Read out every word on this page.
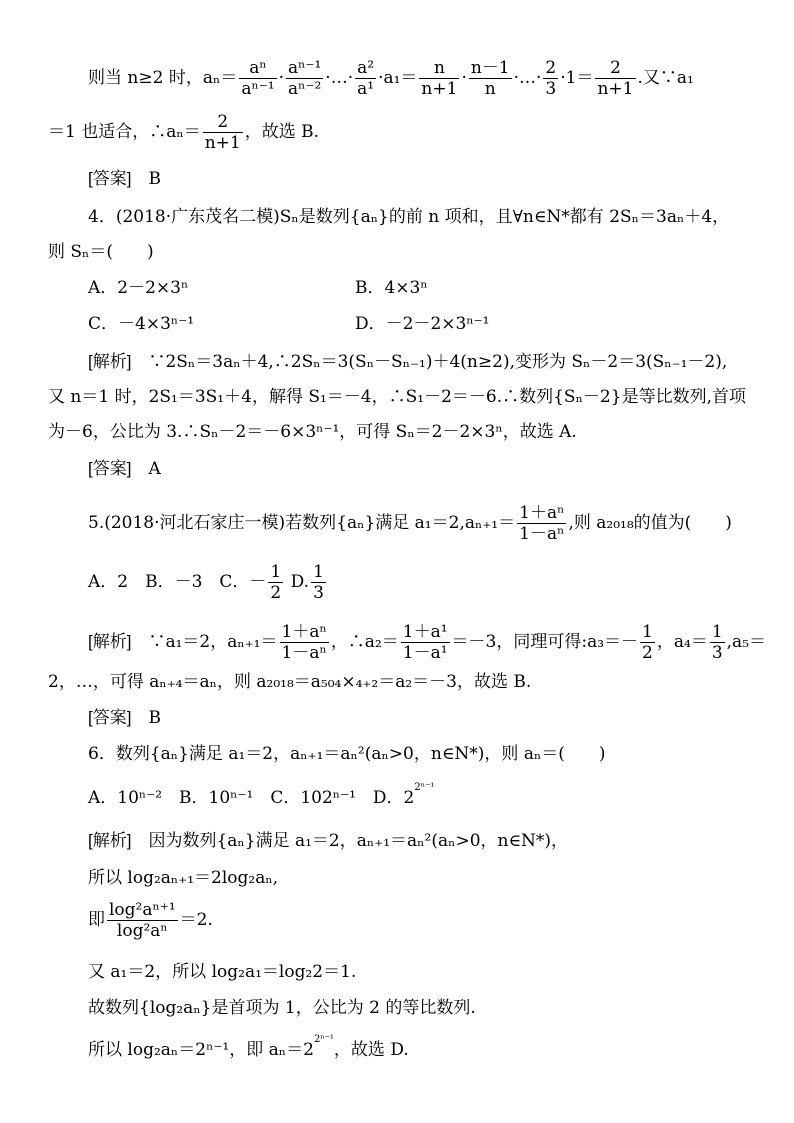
则当 n≥2 时，$a_n= \frac{\text{aⁿ}}{\text{aⁿ⁻¹}} \cdot \frac{\text{aⁿ⁻¹}}{\text{aⁿ⁻²}}$ ·…· $\frac{\text{a²}}{\text{a¹}} \cdot a_1= \frac{n}{n+1} \cdot \frac{n-1}{n}$ ·…· $\frac{2}{3} \cdot 1= \frac{2}{n+1}$ .又∵a₁
＝1 也适合，∴aₙ＝ $\frac{2}{n+1}$ ，故选 B.
[答案]　 B
4．(2018·广东茂名二模)Sₙ是数列{aₙ}的前 n 项和，且∀n∈N*都有 2Sₙ＝3aₙ＋4，
则 Sₙ＝(　　)
A．2－2×3ⁿ	B．4×3ⁿ
C．－4×3ⁿ⁻¹	D．－2－2×3ⁿ⁻¹
[解析]　 ∵2Sₙ＝3aₙ＋4,∴2Sₙ＝3(Sₙ－Sₙ₋₁)＋4(n≥2),变形为 Sₙ－2＝3(Sₙ₋₁－2),
又 n＝1 时，2S₁＝3S₁＋4，解得 S₁＝－4，∴S₁－2＝－6.∴数列{Sₙ－2}是等比数列,首项
为－6，公比为 3.∴Sₙ－2＝－6×3ⁿ⁻¹，可得 Sₙ＝2－2×3ⁿ，故选 A.
[答案]　 A
5.(2018·河北石家庄一模)若数列{aₙ}满足 $a_1=2,a_{n+1}= \frac{\text{1＋aⁿ}}{\text{1－aⁿ}}$ ,则 a₂₀₁₈的值为(　　)
A．2　B．－3　C．－ $\frac{1}{2} D$. $\frac{1}{3}$
[解析]　 ∵a₁＝2，$a_{n+1}= \frac{\text{1＋aⁿ}}{\text{1－aⁿ}}$ ，∴a₂＝ $\frac{\text{1＋a¹}}{\text{1－a¹}} =-3$，同理可得:a₃＝－ $\frac{1}{2}$ ，$a_4= \frac{1}{3} ,a_5=$
2，…，可得 aₙ₊₄＝aₙ，则 a₂₀₁₈＝a₅₀₄×₄₊₂＝a₂＝－3，故选 B.
[答案]　 B
6．数列{aₙ}满足 a₁＝2，aₙ₊₁＝aₙ²(aₙ>0，n∈N*)，则 aₙ＝(　　)
A．10ⁿ⁻²　B．10ⁿ⁻¹　C．102ⁿ⁻¹　D．$2^{2^{n-1}}$
[解析]　 因为数列{aₙ}满足 a₁＝2，aₙ₊₁＝aₙ²(aₙ>0，n∈N*)，
所以 log₂aₙ₊₁＝2log₂aₙ,
即 $\frac{\text{log²aⁿ⁺¹}}{\text{log²aⁿ}} =2$.
又 a₁＝2，所以 log₂a₁＝log₂2＝1.
故数列{log₂aₙ}是首项为 1，公比为 2 的等比数列.
所以 log₂aₙ＝2ⁿ⁻¹，即 $a_n=2^{2^{n-1}}$，故选 D.
